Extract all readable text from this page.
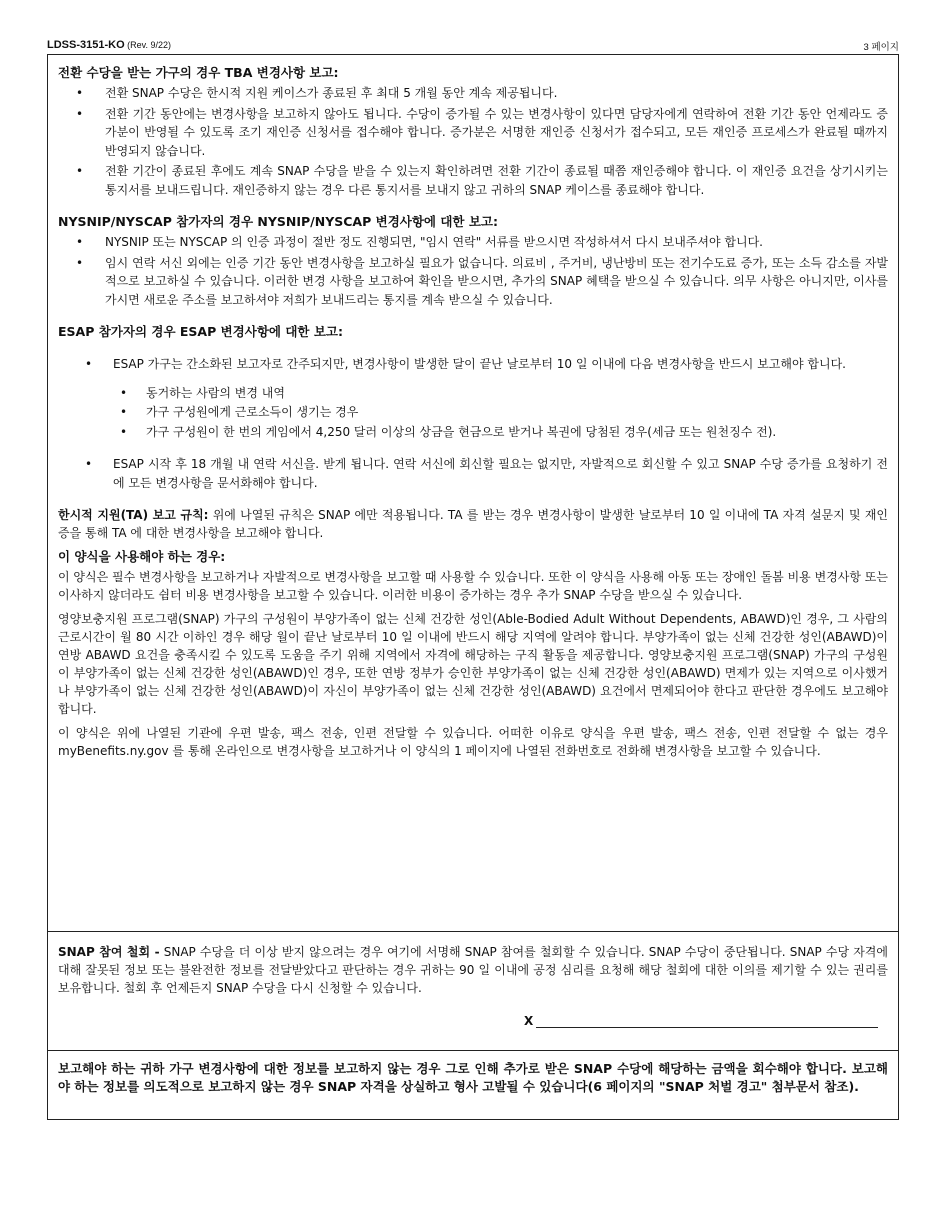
LDSS-3151-KO (Rev. 9/22)	3 페이지
전환 수당을 받는 가구의 경우 TBA 변경사항 보고:
• 전환 SNAP 수당은 한시적 지원 케이스가 종료된 후 최대 5 개월 동안 계속 제공됩니다.
• 전환 기간 동안에는 변경사항을 보고하지 않아도 됩니다. 수당이 증가될 수 있는 변경사항이 있다면 담당자에게 연락하여 전환 기간 동안 언제라도 증가분이 반영될 수 있도록 조기 재인증 신청서를 접수해야 합니다. 증가분은 서명한 재인증 신청서가 접수되고, 모든 재인증 프로세스가 완료될 때까지 반영되지 않습니다.
• 전환 기간이 종료된 후에도 계속 SNAP 수당을 받을 수 있는지 확인하려면 전환 기간이 종료될 때쯤 재인증해야 합니다. 이 재인증 요건을 상기시키는 통지서를 보내드립니다. 재인증하지 않는 경우 다른 통지서를 보내지 않고 귀하의 SNAP 케이스를 종료해야 합니다.
NYSNIP/NYSCAP 참가자의 경우 NYSNIP/NYSCAP 변경사항에 대한 보고:
• NYSNIP 또는 NYSCAP 의 인증 과정이 절반 정도 진행되면, "임시 연락" 서류를 받으시면 작성하셔서 다시 보내주셔야 합니다.
• 임시 연락 서신 외에는 인증 기간 동안 변경사항을 보고하실 필요가 없습니다. 의료비 , 주거비, 냉난방비 또는 전기수도료 증가, 또는 소득 감소를 자발적으로 보고하실 수 있습니다. 이러한 변경 사항을 보고하여 확인을 받으시면, 추가의 SNAP 혜택을 받으실 수 있습니다. 의무 사항은 아니지만, 이사를 가시면 새로운 주소를 보고하셔야 저희가 보내드리는 통지를 계속 받으실 수 있습니다.
ESAP 참가자의 경우 ESAP 변경사항에 대한 보고:
• ESAP 가구는 간소화된 보고자로 간주되지만, 변경사항이 발생한 달이 끝난 날로부터 10 일 이내에 다음 변경사항을 반드시 보고해야 합니다.
• 동거하는 사람의 변경 내역
• 가구 구성원에게 근로소득이 생기는 경우
• 가구 구성원이 한 번의 게임에서 4,250 달러 이상의 상금을 현금으로 받거나 복권에 당첨된 경우(세금 또는 원천징수 전).
• ESAP 시작 후 18 개월 내 연락 서신을. 받게 됩니다. 연락 서신에 회신할 필요는 없지만, 자발적으로 회신할 수 있고 SNAP 수당 증가를 요청하기 전에 모든 변경사항을 문서화해야 합니다.

한시적 지원(TA) 보고 규칙: 위에 나열된 규칙은 SNAP 에만 적용됩니다. TA 를 받는 경우 변경사항이 발생한 날로부터 10 일 이내에 TA 자격 설문지 및 재인증을 통해 TA 에 대한 변경사항을 보고해야 합니다.

이 양식을 사용해야 하는 경우:

이 양식은 필수 변경사항을 보고하거나 자발적으로 변경사항을 보고할 때 사용할 수 있습니다. 또한 이 양식을 사용해 아동 또는 장애인 돌봄 비용 변경사항 또는 이사하지 않더라도 쉼터 비용 변경사항을 보고할 수 있습니다. 이러한 비용이 증가하는 경우 추가 SNAP 수당을 받으실 수 있습니다.

영양보충지원 프로그램(SNAP) 가구의 구성원이 부양가족이 없는 신체 건강한 성인(Able-Bodied Adult Without Dependents, ABAWD)인 경우, 그 사람의 근로시간이 월 80 시간 이하인 경우 해당 월이 끝난 날로부터 10 일 이내에 반드시 해당 지역에 알려야 합니다. 부양가족이 없는 신체 건강한 성인(ABAWD)이 연방 ABAWD 요건을 충족시킬 수 있도록 도움을 주기 위해 지역에서 자격에 해당하는 구직 활동을 제공합니다. 영양보충지원 프로그램(SNAP) 가구의 구성원이 부양가족이 없는 신체 건강한 성인(ABAWD)인 경우, 또한 연방 정부가 승인한 부양가족이 없는 신체 건강한 성인(ABAWD) 면제가 있는 지역으로 이사했거나 부양가족이 없는 신체 건강한 성인(ABAWD)이 자신이 부양가족이 없는 신체 건강한 성인(ABAWD) 요건에서 면제되어야 한다고 판단한 경우에도 보고해야 합니다.

이 양식은 위에 나열된 기관에 우편 발송, 팩스 전송, 인편 전달할 수 있습니다. 어떠한 이유로 양식을 우편 발송, 팩스 전송, 인편 전달할 수 없는 경우 myBenefits.ny.gov 를 통해 온라인으로 변경사항을 보고하거나 이 양식의 1 페이지에 나열된 전화번호로 전화해 변경사항을 보고할 수 있습니다.

SNAP 참여 철회 - SNAP 수당을 더 이상 받지 않으려는 경우 여기에 서명해 SNAP 참여를 철회할 수 있습니다. SNAP 수당이 중단됩니다. SNAP 수당 자격에 대해 잘못된 정보 또는 불완전한 정보를 전달받았다고 판단하는 경우 귀하는 90 일 이내에 공정 심리를 요청해 해당 철회에 대한 이의를 제기할 수 있는 권리를 보유합니다. 철회 후 언제든지 SNAP 수당을 다시 신청할 수 있습니다.

X

보고해야 하는 귀하 가구 변경사항에 대한 정보를 보고하지 않는 경우 그로 인해 추가로 받은 SNAP 수당에 해당하는 금액을 회수해야 합니다. 보고해야 하는 정보를 의도적으로 보고하지 않는 경우 SNAP 자격을 상실하고 형사 고발될 수 있습니다(6 페이지의 "SNAP 처벌 경고" 첨부문서 참조).
